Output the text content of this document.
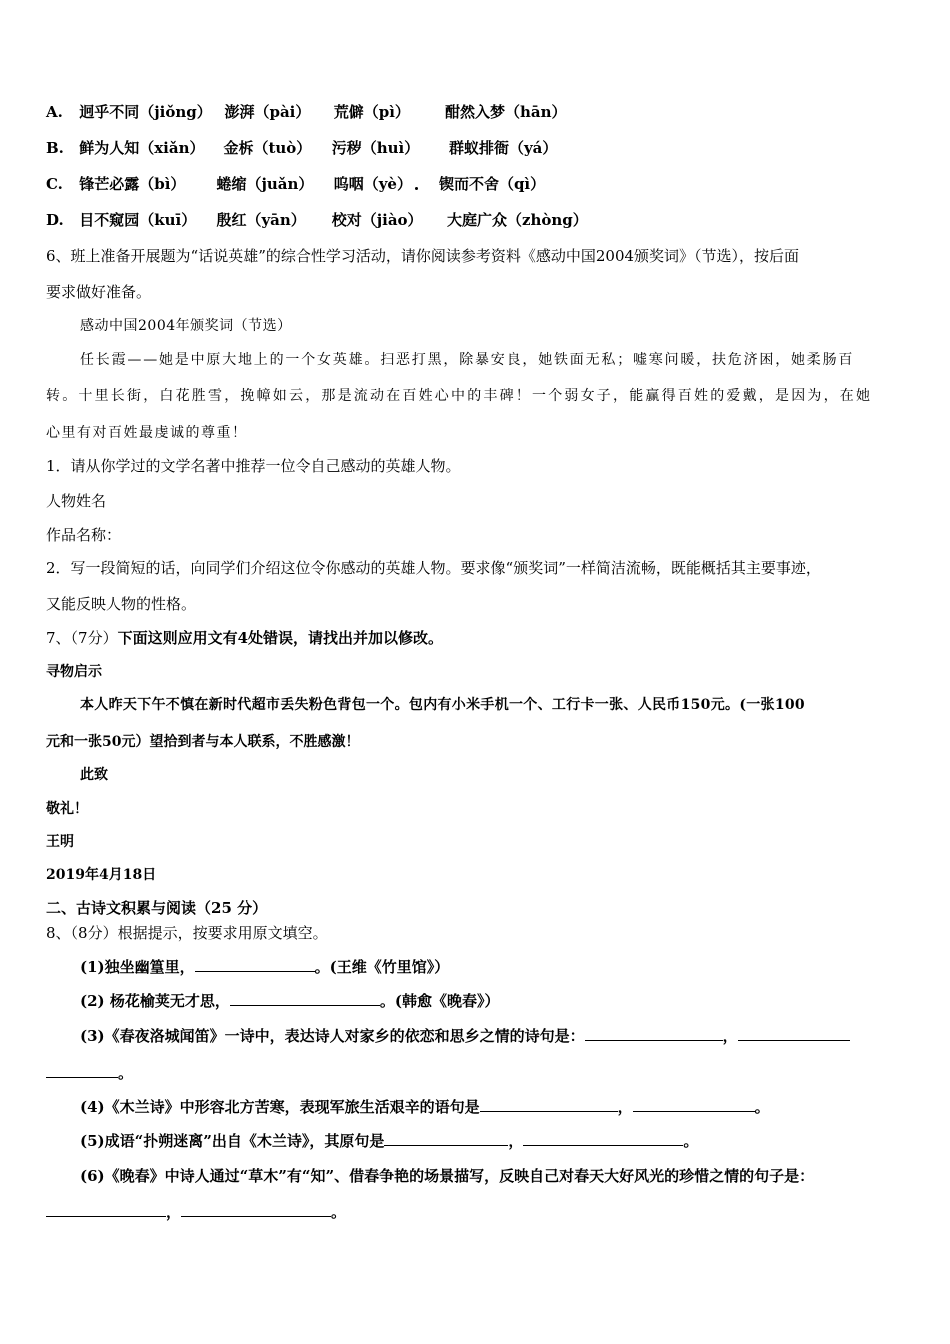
A. 迥乎不同（jiǒng） 澎湃（pài） 荒僻（pì） 酣然入梦（hān）
B. 鲜为人知（xiǎn） 金柝（tuò） 污秽（huì） 群蚁排衙（yá）
C. 锋芒必露（bì） 蜷缩（juǎn） 呜咽（yè） 锲而不舍（qì）
D. 目不窥园（kuī） 殷红（yān） 校对（jiào） 大庭广众（zhòng）
6、班上准备开展题为“话说英雄”的综合性学习活动，请你阅读参考资料《感动中国2004颁奖词》（节选），按后面
要求做好准备。
感动中国2004年颁奖词（节选）
任长霞——她是中原大地上的一个女英雄。扫恶打黑，除暴安良，她铁面无私；嘘寒问暖，扶危济困，她柔肠百
转。十里长街，白花胜雪，挽幛如云，那是流动在百姓心中的丰碑！一个弱女子，能赢得百姓的爱戴，是因为，在她
心里有对百姓最虔诚的尊重！
1．请从你学过的文学名著中推荐一位令自己感动的英雄人物。
人物姓名
作品名称：
2．写一段简短的话，向同学们介绍这位令你感动的英雄人物。要求像“颁奖词”一样简洁流畅，既能概括其主要事迹，
又能反映人物的性格。
7、（7分）下面这则应用文有4处错误，请找出并加以修改。
寻物启示
本人昨天下午不慎在新时代超市丢失粉色背包一个。包内有小米手机一个、工行卡一张、人民币150元。(一张100
元和一张50元）望拾到者与本人联系，不胜感激！
此致
敬礼！
王明
2019年4月18日
二、古诗文积累与阅读（25 分）
8、（8分）根据提示，按要求用原文填空。
(1)独坐幽篁里，	。(王维《竹里馆》）
(2) 杨花榆荚无才思，	。(韩愈《晚春》）
(3)《春夜洛城闻笛》一诗中，表达诗人对家乡的依恋和思乡之情的诗句是：	，
。
(4)《木兰诗》中形容北方苦寒，表现军旅生活艰辛的语句是	，	。
(5)成语“扑朔迷离”出自《木兰诗》，其原句是	，	。
(6)《晚春》中诗人通过“草木”有“知”、借春争艳的场景描写，反映自己对春天大好风光的珍惜之情的句子是：
，	。
